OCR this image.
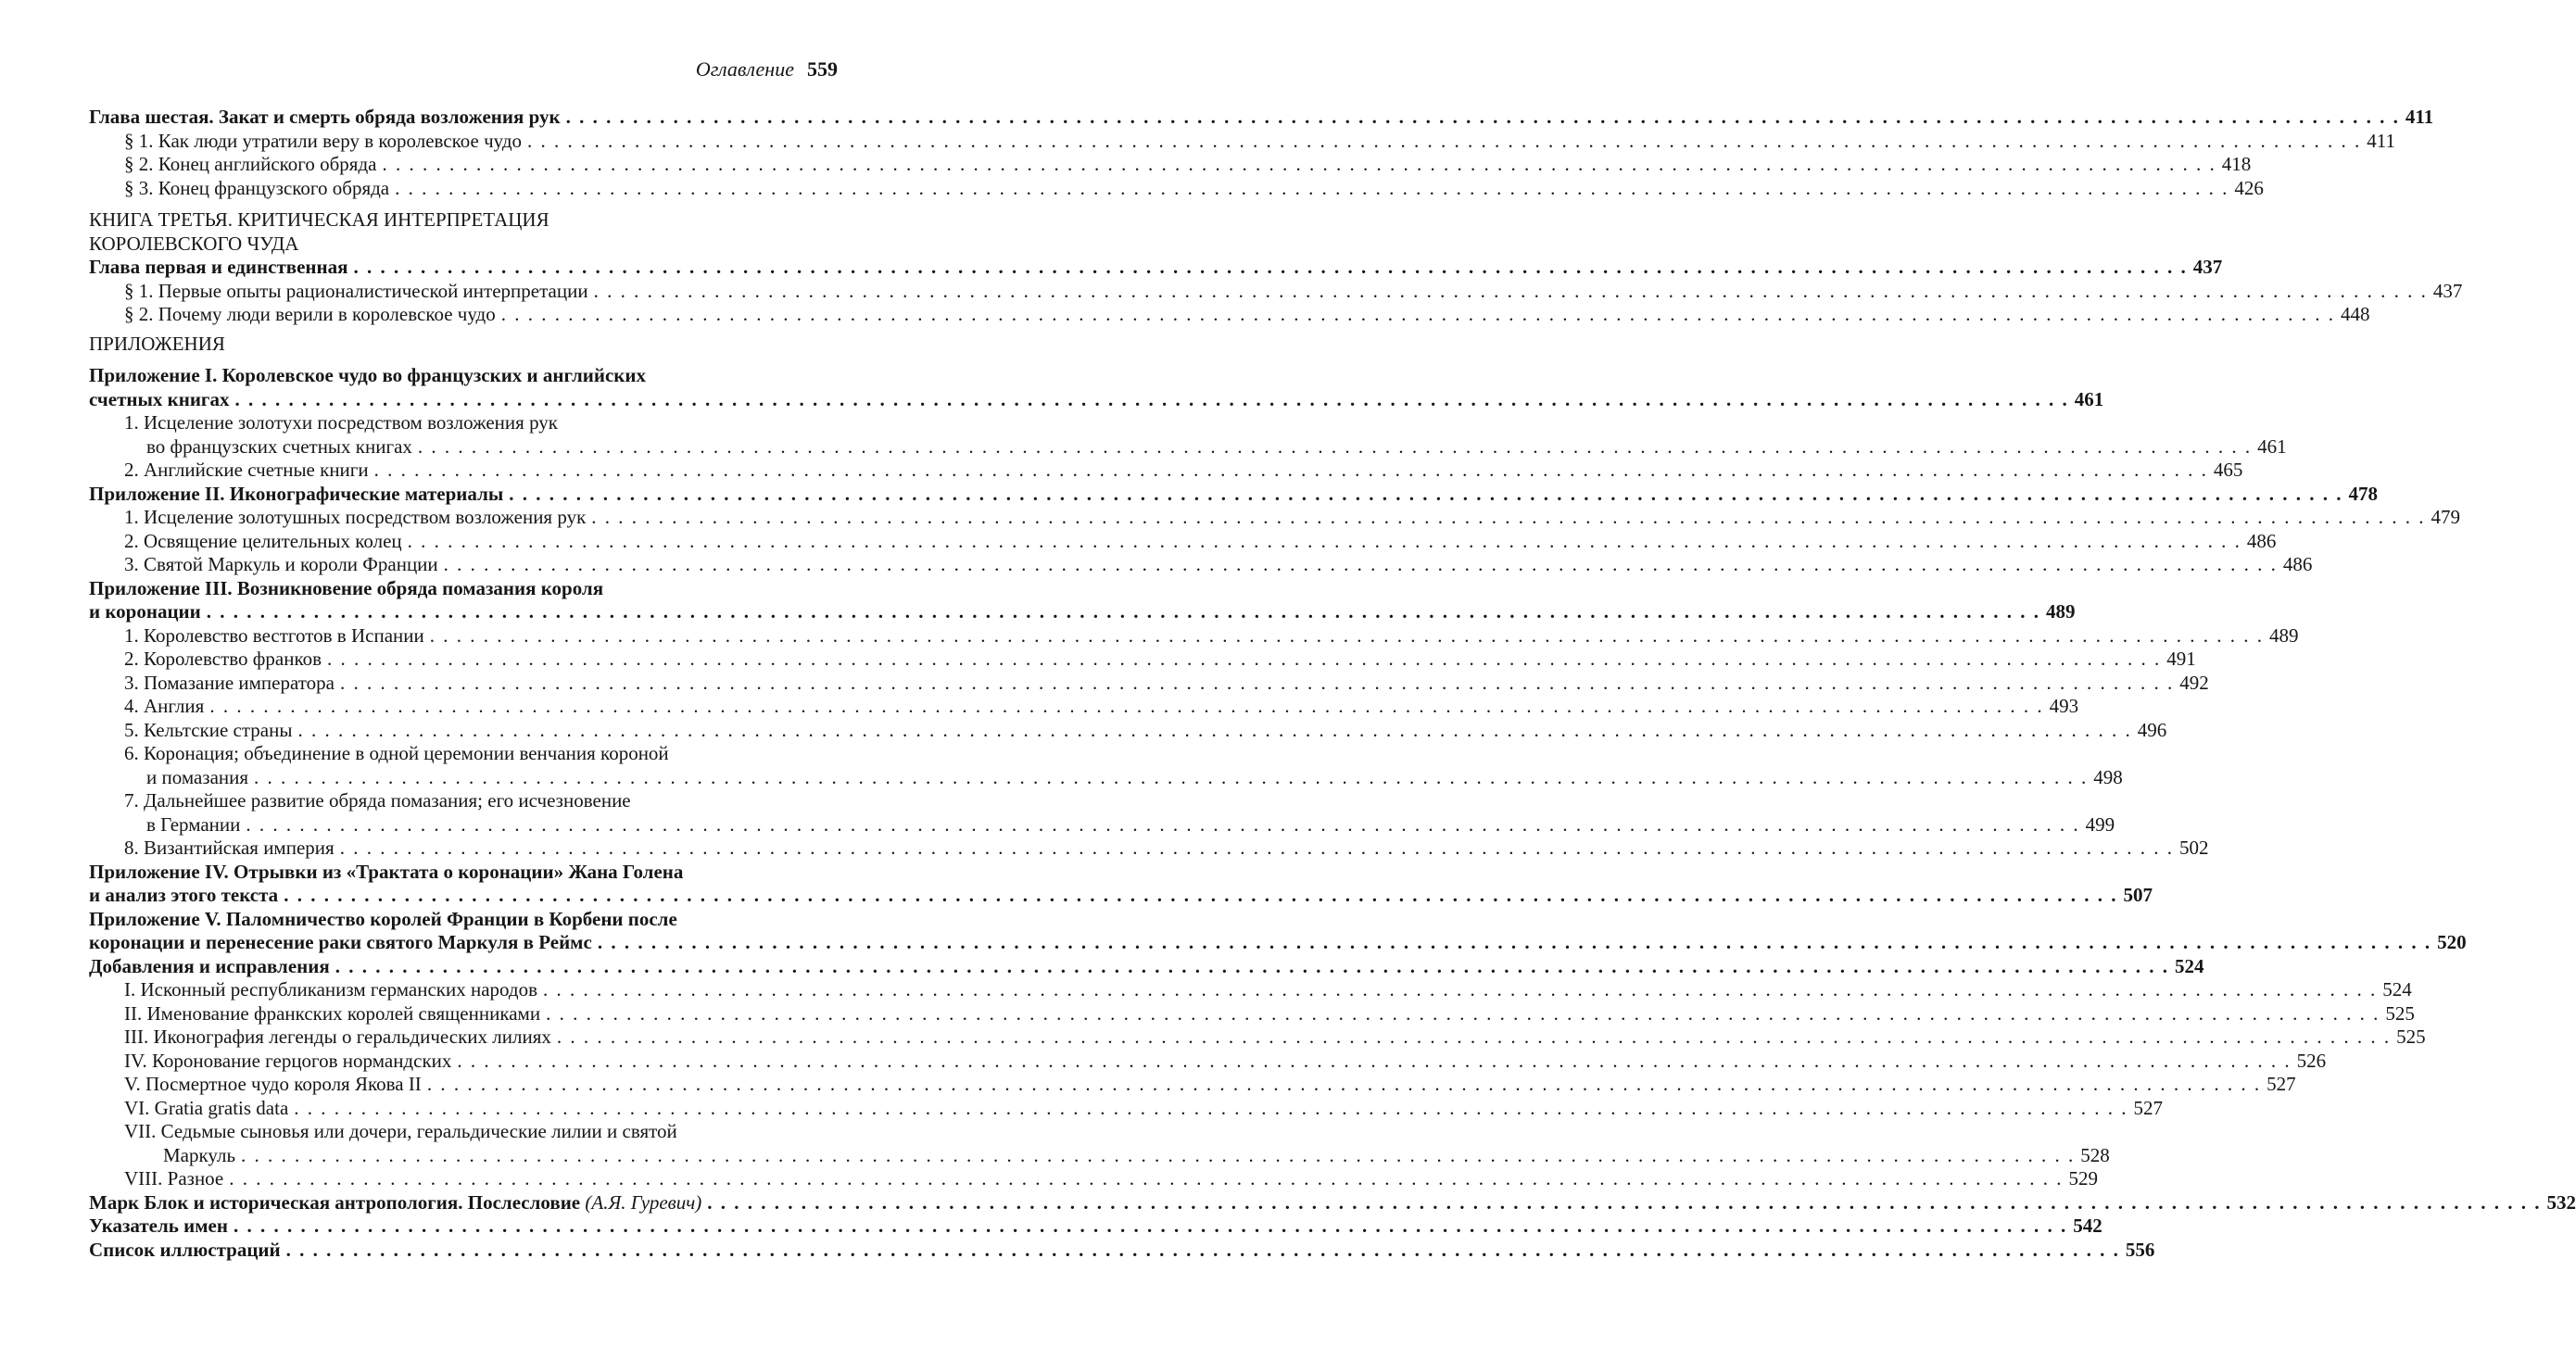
Оглавление 559
Глава шестая. Закат и смерть обряда возложения рук . . .	411
§ 1. Как люди утратили веру в королевское чудо . . .	411
§ 2. Конец английского обряда . . .	418
§ 3. Конец французского обряда . . .	426
КНИГА ТРЕТЬЯ. КРИТИЧЕСКАЯ ИНТЕРПРЕТАЦИЯ
КОРОЛЕВСКОГО ЧУДА
Глава первая и единственная . . .	437
§ 1. Первые опыты рационалистической интерпретации . . .	437
§ 2. Почему люди верили в королевское чудо . . .	448
ПРИЛОЖЕНИЯ
Приложение I. Королевское чудо во французских и английских
счетных книгах . . .	461
1. Исцеление золотухи посредством возложения рук
во французских счетных книгах . . .	461
2. Английские счетные книги . . .	465
Приложение II. Иконографические материалы . . .	478
1. Исцеление золотушных посредством возложения рук . . .	479
2. Освящение целительных колец . . .	486
3. Святой Маркуль и короли Франции . . .	486
Приложение III. Возникновение обряда помазания короля
и коронации . . .	489
1. Королевство вестготов в Испании . . .	489
2. Королевство франков . . .	491
3. Помазание императора . . .	492
4. Англия . . .	493
5. Кельтские страны . . .	496
6. Коронация; объединение в одной церемонии венчания короной
и помазания . . .	498
7. Дальнейшее развитие обряда помазания; его исчезновение
в Германии . . .	499
8. Византийская империя . . .	502
Приложение IV. Отрывки из «Трактата о коронации» Жана Голена
и анализ этого текста . . .	507
Приложение V. Паломничество королей Франции в Корбени после
коронации и перенесение раки святого Маркуля в Реймс . . .	520
Добавления и исправления . . .	524
I. Исконный республиканизм германских народов . . .	524
II. Именование франкских королей священниками . . .	525
III. Иконография легенды о геральдических лилиях . . .	525
IV. Коронование герцогов нормандских . . .	526
V. Посмертное чудо короля Якова II . . .	527
VI. Gratia gratis data . . .	527
VII. Седьмые сыновья или дочери, геральдические лилии и святой
Маркуль . . .	528
VIII. Разное . . .	529
Марк Блок и историческая антропология. Послесловие (А.Я. Гуревич) . . .	532
Указатель имен . . .	542
Список иллюстраций . . .	556
